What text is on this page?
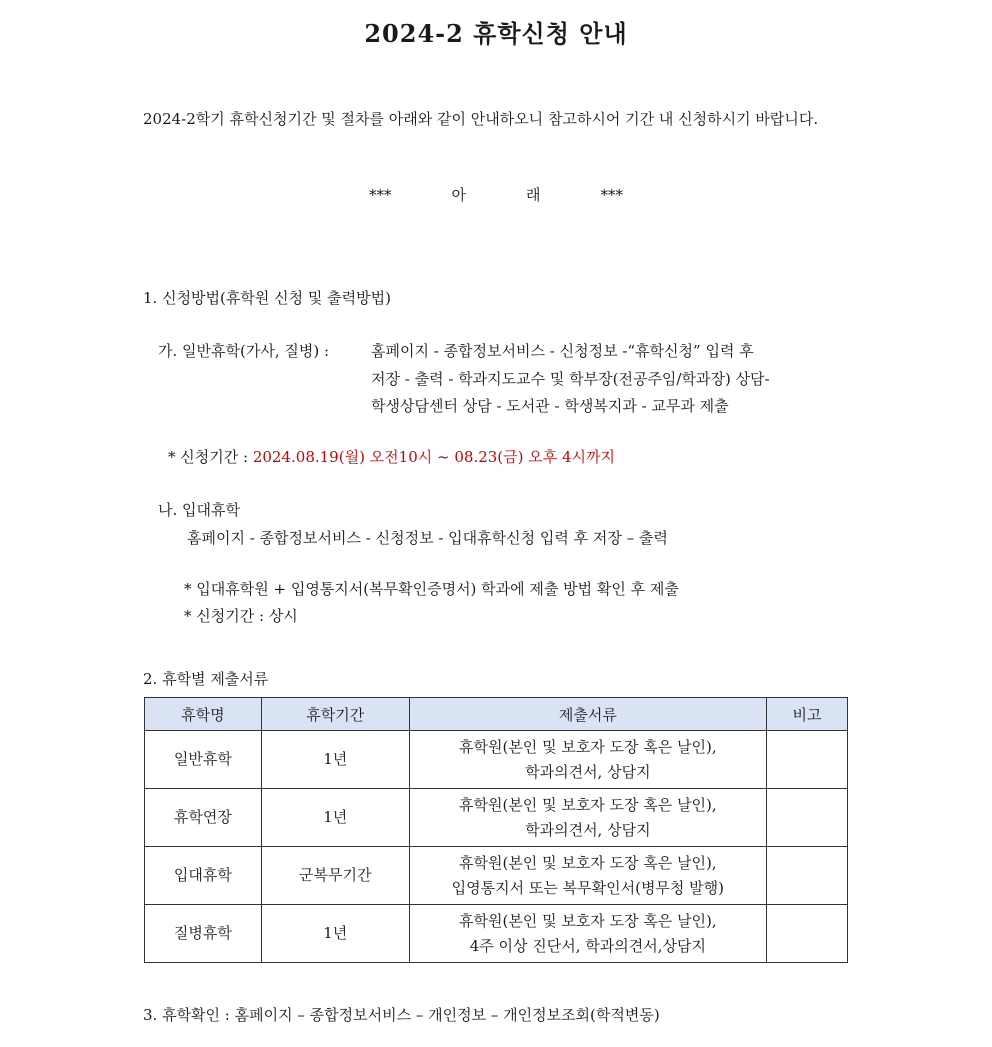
2024-2 휴학신청 안내
2024-2학기 휴학신청기간 및 절차를 아래와 같이 안내하오니 참고하시어 기간 내 신청하시기 바랍니다.
***	아	래	***
1. 신청방법(휴학원 신청 및 출력방법)
가. 일반휴학(가사, 질병) :	홈페이지 - 종합정보서비스 - 신청정보 -“휴학신청” 입력 후
저장 - 출력 - 학과지도교수 및 학부장(전공주임/학과장) 상담-
학생상담센터 상담 - 도서관 - 학생복지과 - 교무과 제출
* 신청기간 : 2024.08.19(월) 오전10시 ~ 08.23(금) 오후 4시까지
나. 입대휴학
홈페이지 - 종합정보서비스 - 신청정보 - 입대휴학신청 입력 후 저장 – 출력
* 입대휴학원 + 입영통지서(복무확인증명서) 학과에 제출 방법 확인 후 제출
* 신청기간 : 상시
2. 휴학별 제출서류
휴학명	휴학기간	제출서류	비고
일반휴학	1년	휴학원(본인 및 보호자 도장 혹은 날인),
학과의견서, 상담지	

휴학연장	1년	휴학원(본인 및 보호자 도장 혹은 날인),
학과의견서, 상담지	

입대휴학	군복무기간	휴학원(본인 및 보호자 도장 혹은 날인),
입영통지서 또는 복무확인서(병무청 발행)	

질병휴학	1년	휴학원(본인 및 보호자 도장 혹은 날인),
4주 이상 진단서, 학과의견서,상담지	

3. 휴학확인 : 홈페이지 – 종합정보서비스 – 개인정보 – 개인정보조회(학적변동)
